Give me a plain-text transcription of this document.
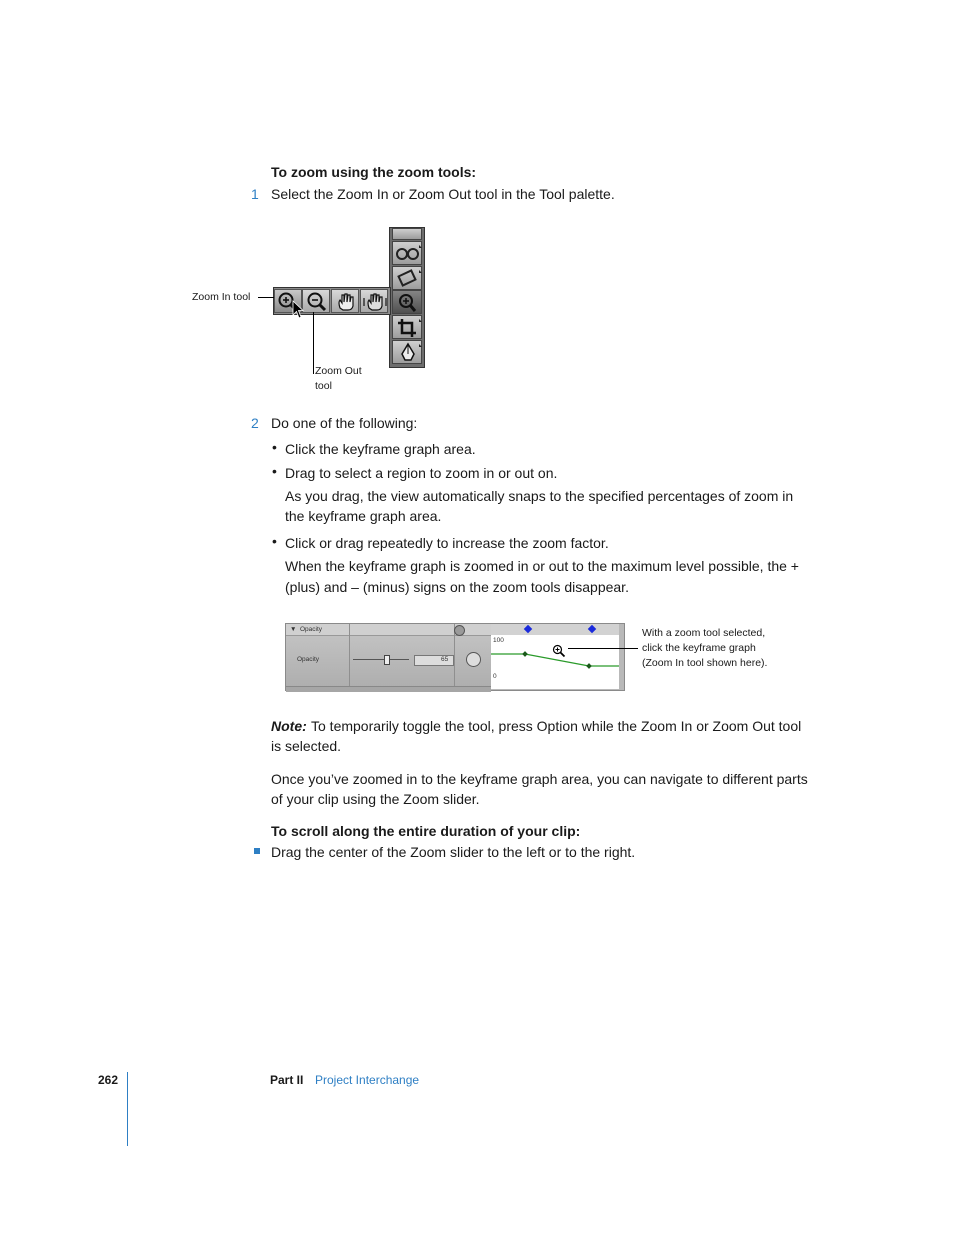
To zoom using the zoom tools:
1 Select the Zoom In or Zoom Out tool in the Tool palette.
Zoom In tool
Zoom Out
tool
2 Do one of the following:
• Click the keyframe graph area.
• Drag to select a region to zoom in or out on.
As you drag, the view automatically snaps to the specified percentages of zoom in
the keyframe graph area.
• Click or drag repeatedly to increase the zoom factor.
When the keyframe graph is zoomed in or out to the maximum level possible, the +
(plus) and – (minus) signs on the zoom tools disappear.
▼ Opacity
Opacity	65
100
0
With a zoom tool selected,
click the keyframe graph
(Zoom In tool shown here).
Note: To temporarily toggle the tool, press Option while the Zoom In or Zoom Out tool
is selected.
Once you’ve zoomed in to the keyframe graph area, you can navigate to different parts
of your clip using the Zoom slider.
To scroll along the entire duration of your clip:
Drag the center of the Zoom slider to the left or to the right.
262	Part II Project Interchange
